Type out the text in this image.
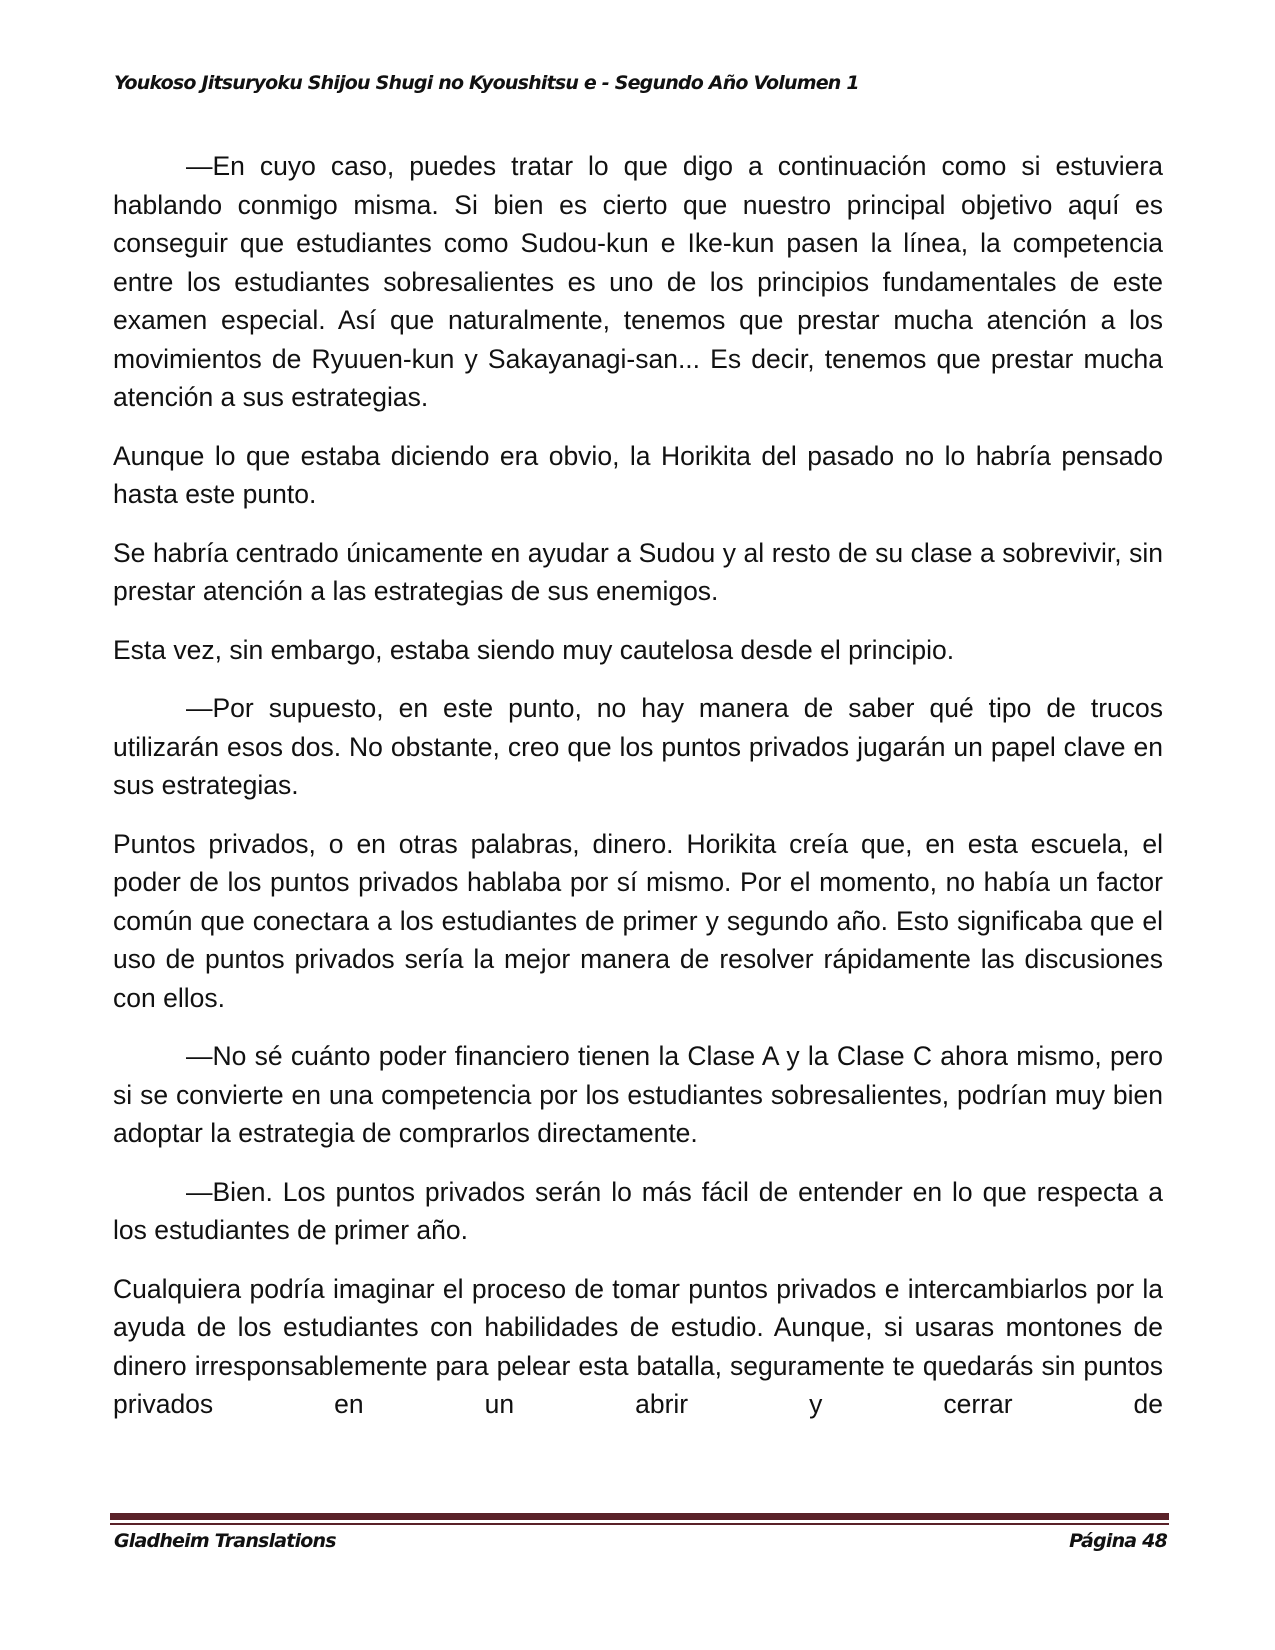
Youkoso Jitsuryoku Shijou Shugi no Kyoushitsu e - Segundo Año Volumen 1

—En cuyo caso, puedes tratar lo que digo a continuación como si estuviera hablando conmigo misma. Si bien es cierto que nuestro principal objetivo aquí es conseguir que estudiantes como Sudou-kun e Ike-kun pasen la línea, la competencia entre los estudiantes sobresalientes es uno de los principios fundamentales de este examen especial. Así que naturalmente, tenemos que prestar mucha atención a los movimientos de Ryuuen-kun y Sakayanagi-san... Es decir, tenemos que prestar mucha atención a sus estrategias.

Aunque lo que estaba diciendo era obvio, la Horikita del pasado no lo habría pensado hasta este punto.

Se habría centrado únicamente en ayudar a Sudou y al resto de su clase a sobrevivir, sin prestar atención a las estrategias de sus enemigos.

Esta vez, sin embargo, estaba siendo muy cautelosa desde el principio.

—Por supuesto, en este punto, no hay manera de saber qué tipo de trucos utilizarán esos dos. No obstante, creo que los puntos privados jugarán un papel clave en sus estrategias.

Puntos privados, o en otras palabras, dinero. Horikita creía que, en esta escuela, el poder de los puntos privados hablaba por sí mismo. Por el momento, no había un factor común que conectara a los estudiantes de primer y segundo año. Esto significaba que el uso de puntos privados sería la mejor manera de resolver rápidamente las discusiones con ellos.

—No sé cuánto poder financiero tienen la Clase A y la Clase C ahora mismo, pero si se convierte en una competencia por los estudiantes sobresalientes, podrían muy bien adoptar la estrategia de comprarlos directamente.

—Bien. Los puntos privados serán lo más fácil de entender en lo que respecta a los estudiantes de primer año.

Cualquiera podría imaginar el proceso de tomar puntos privados e intercambiarlos por la ayuda de los estudiantes con habilidades de estudio. Aunque, si usaras montones de dinero irresponsablemente para pelear esta batalla, seguramente te quedarás sin puntos privados en un abrir y cerrar de

Gladheim Translations	Página 48
